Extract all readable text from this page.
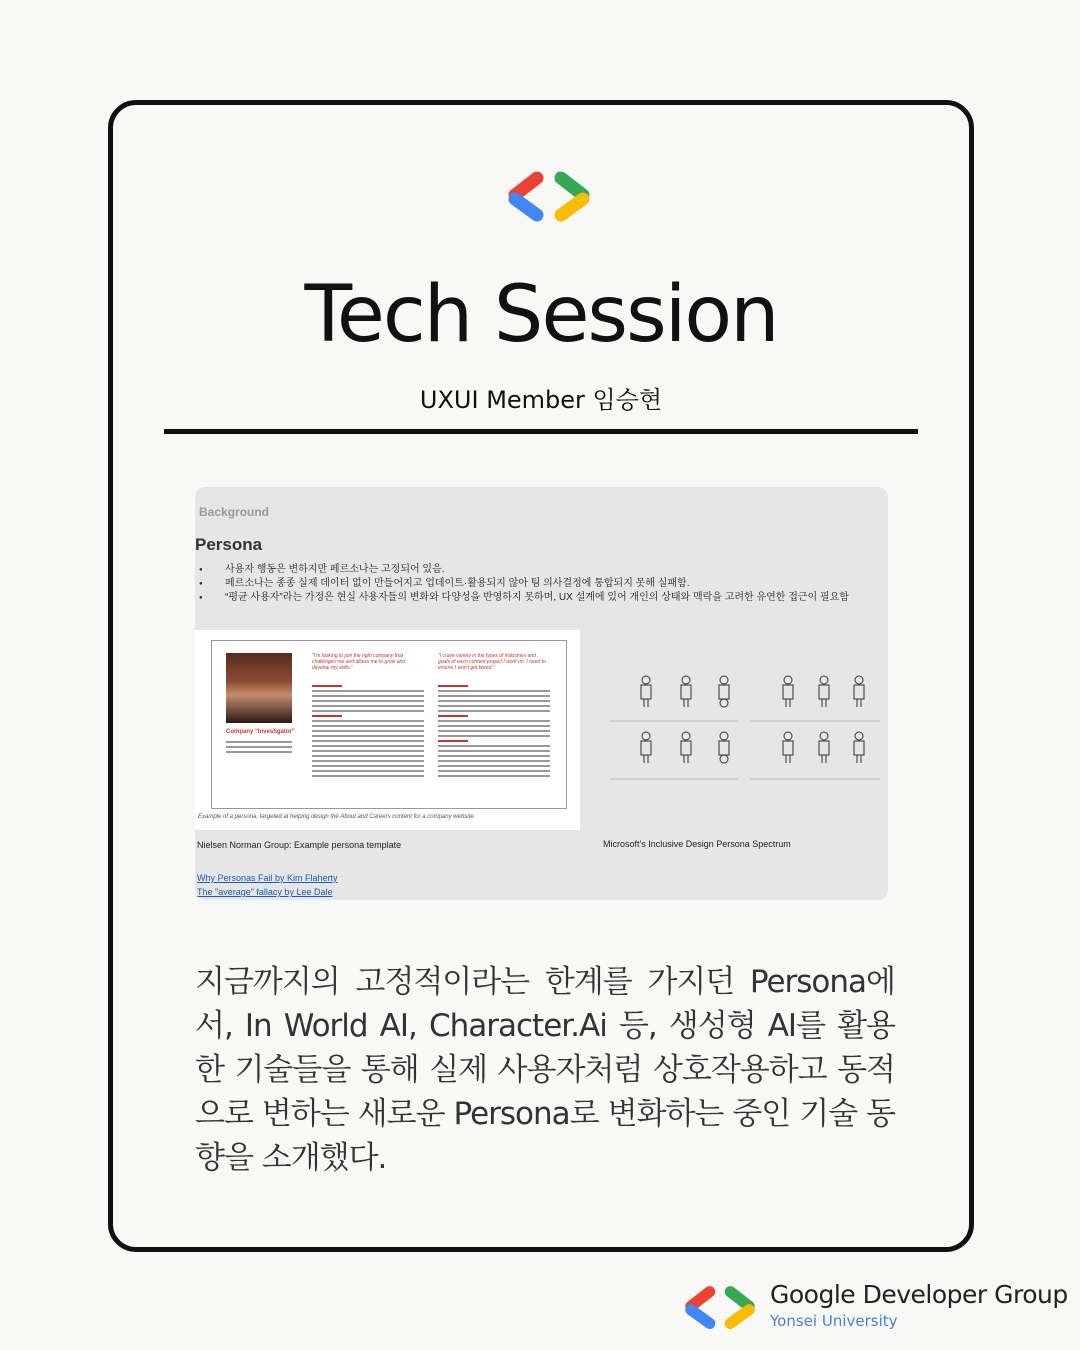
Tech Session
UXUI Member 임승현
Background
Persona
● 사용자 행동은 변하지만 페르소나는 고정되어 있음.
● 페르소나는 종종 실제 데이터 없이 만들어지고 업데이트·활용되지 않아 팀 의사결정에 통합되지 못해 실패함.
● “평균 사용자”라는 가정은 현실 사용자들의 변화와 다양성을 반영하지 못하며, UX 설계에 있어 개인의 상태와 맥락을 고려한 유연한 접근이 필요함
Company "Investigator"
"I'm looking to join the right company that challenges me and allows me to grow and develop my skills."
"I crave variety in the types of industries and goals of each content project I work on. I need to ensure I won't get bored."
Example of a persona, targeted at helping design the About and Careers content for a company website.
Nielsen Norman Group: Example persona template	Microsoft's Inclusive Design Persona Spectrum
Why Personas Fail by Kim Flaherty
The "average" fallacy by Lee Dale
지금까지의 고정적이라는 한계를 가지던 Persona에서, In World AI, Character.Ai 등, 생성형 AI를 활용한 기술들을 통해 실제 사용자처럼 상호작용하고 동적으로 변하는 새로운 Persona로 변화하는 중인 기술 동향을 소개했다.
Google Developer Group
Yonsei University
